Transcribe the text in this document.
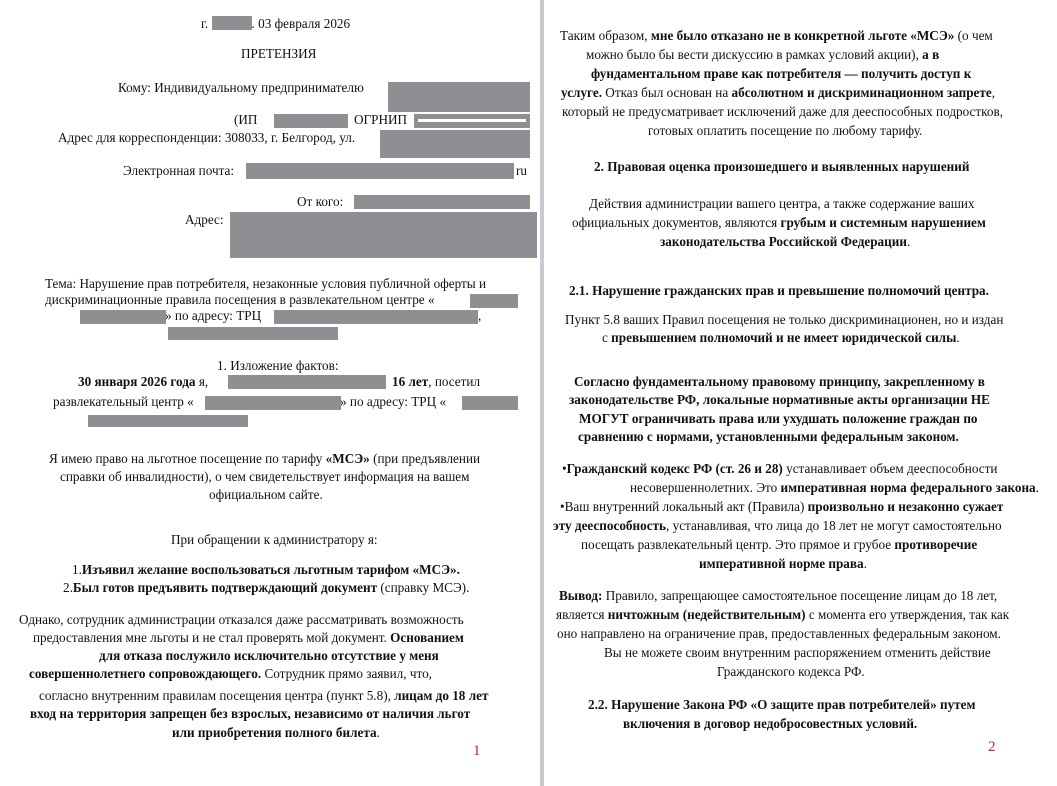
г.	. 03 февраля 2026
ПРЕТЕНЗИЯ
Кому: Индивидуальному предпринимателю
(ИП	ОГРНИП
Адрес для корреспонденции: 308033, г. Белгород, ул.
Электронная почта:	ru
От кого:
Адрес:
Тема: Нарушение прав потребителя, незаконные условия публичной оферты и
дискриминационные правила посещения в развлекательном центре «
» по адресу: ТРЦ	,
1. Изложение фактов:
30 января 2026 года я,	16 лет, посетил
развлекательный центр «	» по адресу: ТРЦ «
Я имею право на льготное посещение по тарифу «МСЭ» (при предъявлении
справки об инвалидности), о чем свидетельствует информация на вашем
официальном сайте.
При обращении к администратору я:
1.Изъявил желание воспользоваться льготным тарифом «МСЭ».
2.Был готов предъявить подтверждающий документ (справку МСЭ).
Однако, сотрудник администрации отказался даже рассматривать возможность
предоставления мне льготы и не стал проверять мой документ. Основанием
для отказа послужило исключительно отсутствие у меня
совершеннолетнего сопровождающего. Сотрудник прямо заявил, что,
согласно внутренним правилам посещения центра (пункт 5.8), лицам до 18 лет
вход на территория запрещен без взрослых, независимо от наличия льгот
или приобретения полного билета.
1
Таким образом, мне было отказано не в конкретной льготе «МСЭ» (о чем
можно было бы вести дискуссию в рамках условий акции), а в
фундаментальном праве как потребителя — получить доступ к
услуге. Отказ был основан на абсолютном и дискриминационном запрете,
который не предусматривает исключений даже для дееспособных подростков,
готовых оплатить посещение по любому тарифу.
2. Правовая оценка произошедшего и выявленных нарушений
Действия администрации вашего центра, а также содержание ваших
официальных документов, являются грубым и системным нарушением
законодательства Российской Федерации.
2.1. Нарушение гражданских прав и превышение полномочий центра.
Пункт 5.8 ваших Правил посещения не только дискриминационен, но и издан
с превышением полномочий и не имеет юридической силы.
Согласно фундаментальному правовому принципу, закрепленному в
законодательстве РФ, локальные нормативные акты организации НЕ
МОГУТ ограничивать права или ухудшать положение граждан по
сравнению с нормами, установленными федеральным законом.
•Гражданский кодекс РФ (ст. 26 и 28) устанавливает объем дееспособности
несовершеннолетних. Это императивная норма федерального закона.
•Ваш внутренний локальный акт (Правила) произвольно и незаконно сужает
эту дееспособность, устанавливая, что лица до 18 лет не могут самостоятельно
посещать развлекательный центр. Это прямое и грубое противоречие
императивной норме права.
Вывод: Правило, запрещающее самостоятельное посещение лицам до 18 лет,
является ничтожным (недействительным) с момента его утверждения, так как
оно направлено на ограничение прав, предоставленных федеральным законом.
Вы не можете своим внутренним распоряжением отменить действие
Гражданского кодекса РФ.
2.2. Нарушение Закона РФ «О защите прав потребителей» путем
включения в договор недобросовестных условий.
2
